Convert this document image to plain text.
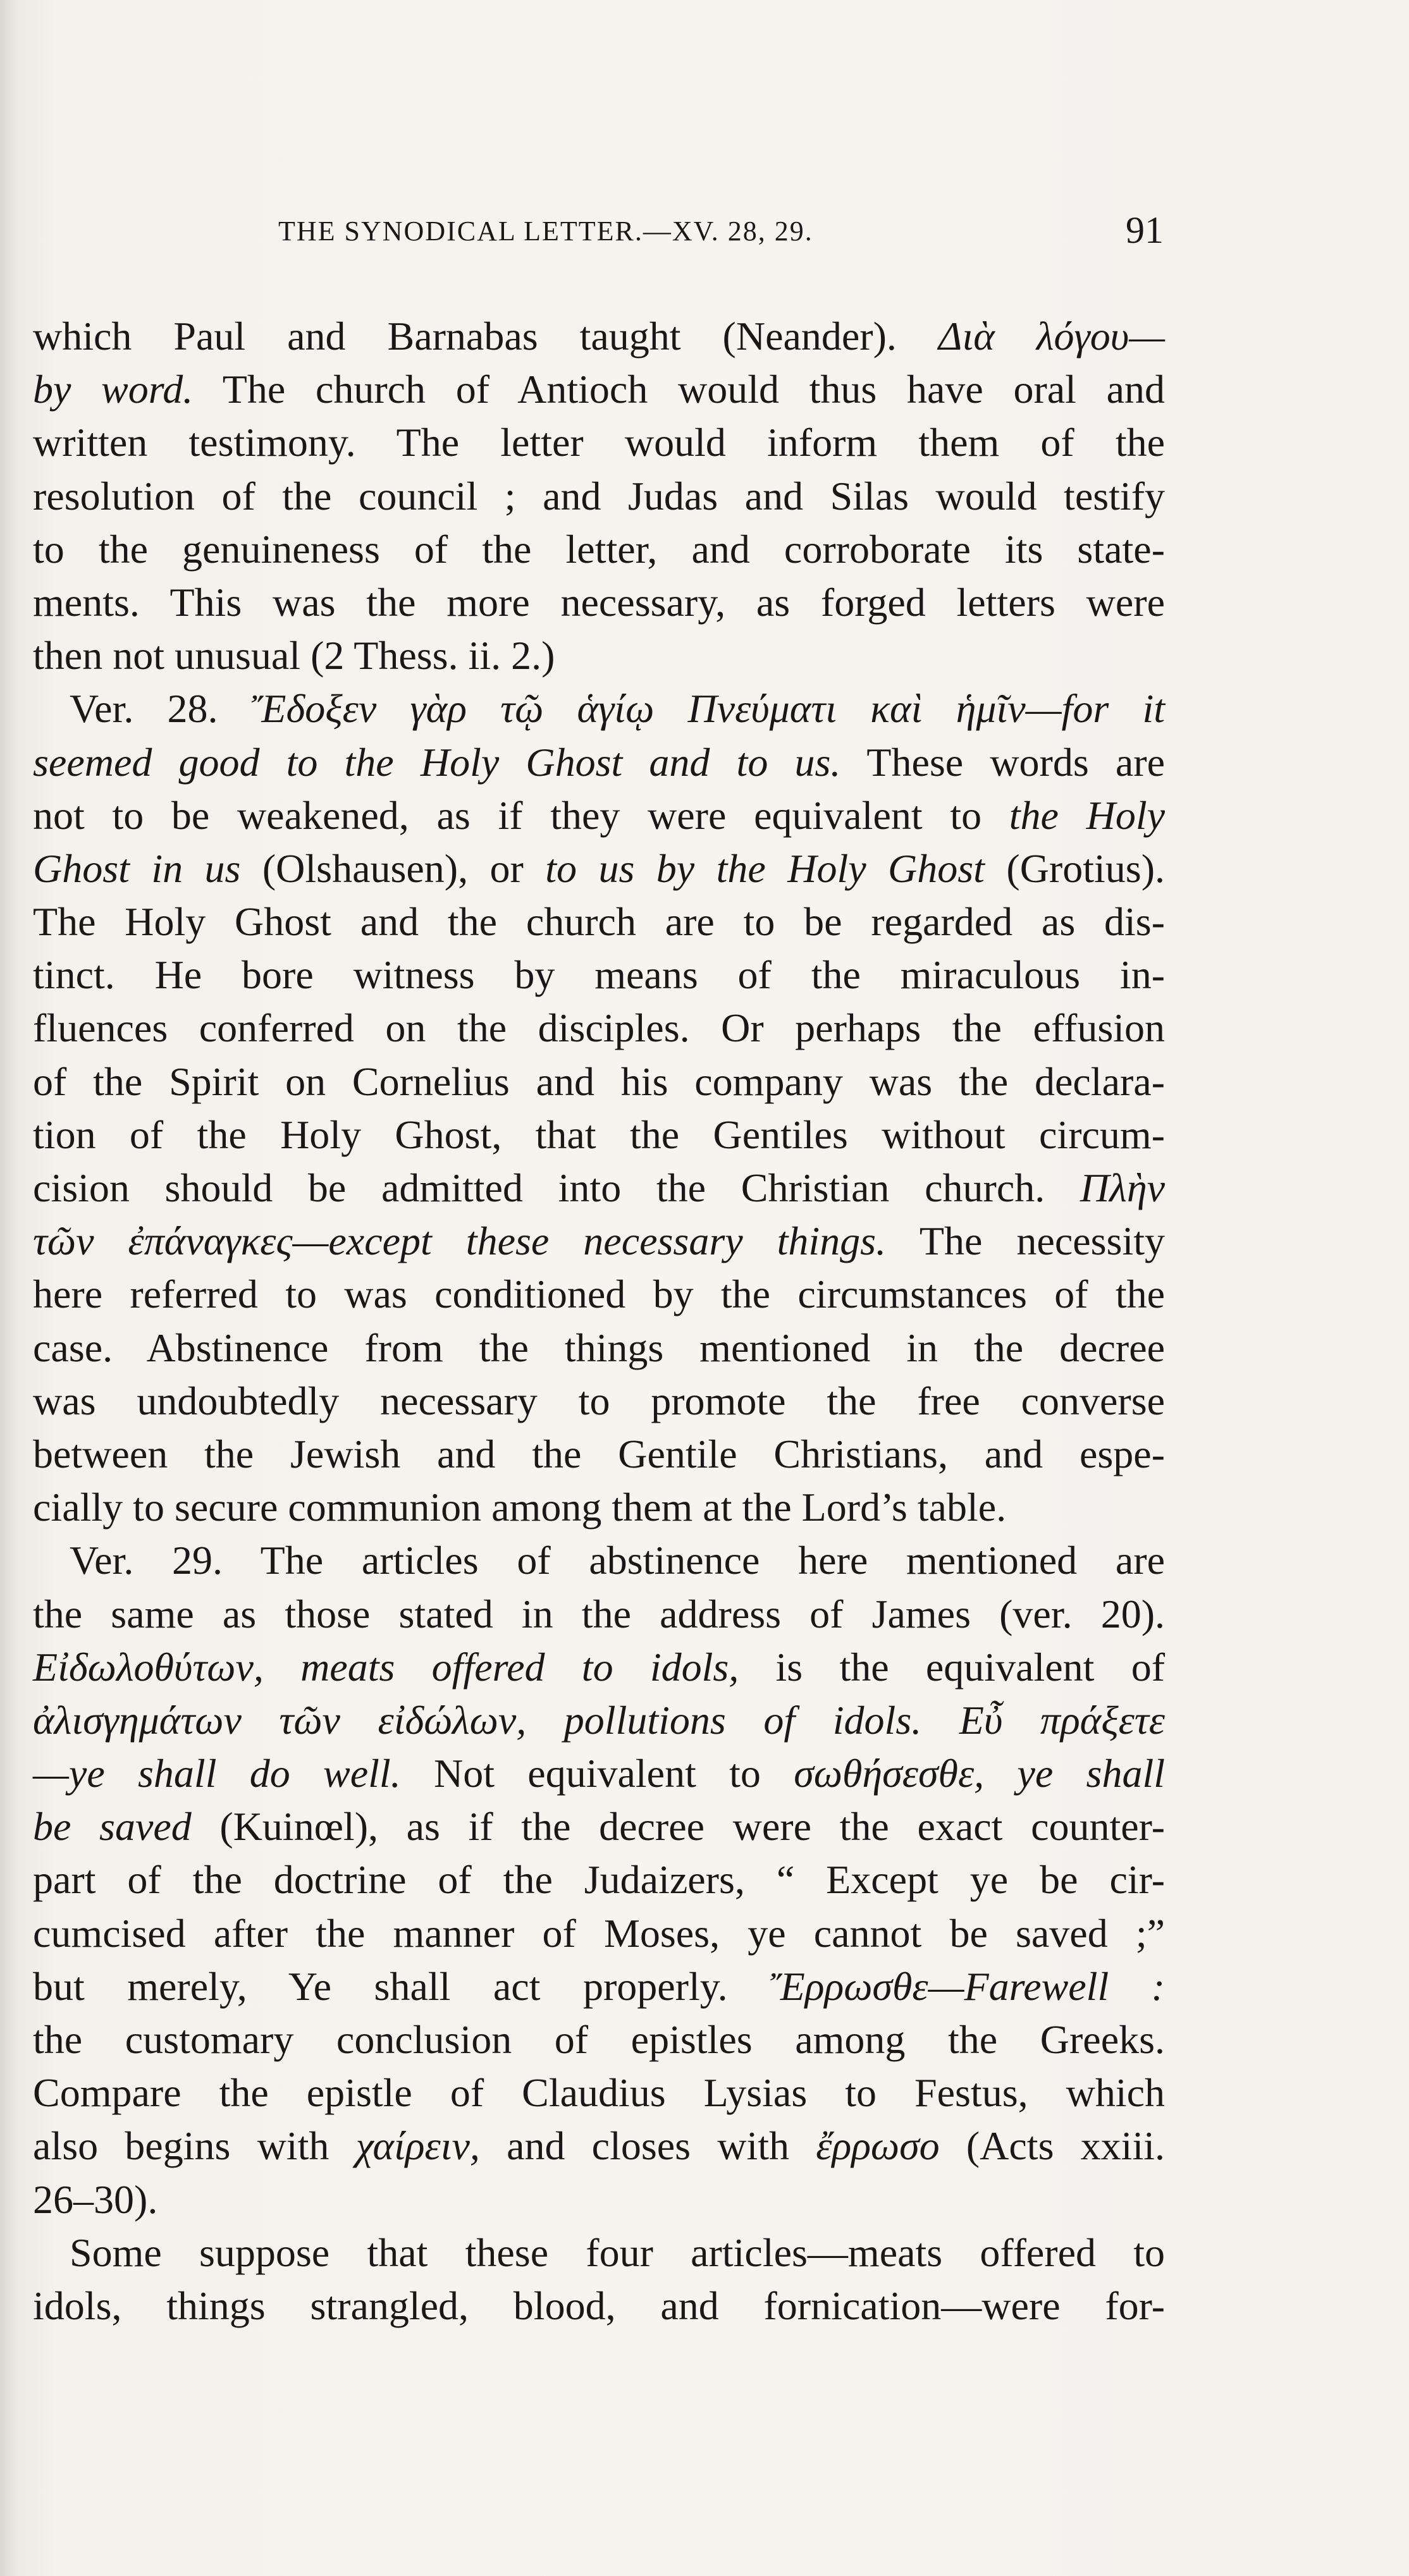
THE SYNODICAL LETTER.—XV. 28, 29.	91
which Paul and Barnabas taught (Neander). Διὰ λόγου—
by word. The church of Antioch would thus have oral and
written testimony. The letter would inform them of the
resolution of the council ; and Judas and Silas would testify
to the genuineness of the letter, and corroborate its state-
ments. This was the more necessary, as forged letters were
then not unusual (2 Thess. ii. 2.)
Ver. 28. Ἔδοξεν γὰρ τῷ ἁγίῳ Πνεύματι καὶ ἡμῖν—for it
seemed good to the Holy Ghost and to us. These words are
not to be weakened, as if they were equivalent to the Holy
Ghost in us (Olshausen), or to us by the Holy Ghost (Grotius).
The Holy Ghost and the church are to be regarded as dis-
tinct. He bore witness by means of the miraculous in-
fluences conferred on the disciples. Or perhaps the effusion
of the Spirit on Cornelius and his company was the declara-
tion of the Holy Ghost, that the Gentiles without circum-
cision should be admitted into the Christian church. Πλὴν
τῶν ἐπάναγκες—except these necessary things. The necessity
here referred to was conditioned by the circumstances of the
case. Abstinence from the things mentioned in the decree
was undoubtedly necessary to promote the free converse
between the Jewish and the Gentile Christians, and espe-
cially to secure communion among them at the Lord’s table.
Ver. 29. The articles of abstinence here mentioned are
the same as those stated in the address of James (ver. 20).
Εἰδωλοθύτων, meats offered to idols, is the equivalent of
ἀλισγημάτων τῶν εἰδώλων, pollutions of idols. Εὖ πράξετε
—ye shall do well. Not equivalent to σωθήσεσθε, ye shall
be saved (Kuinœl), as if the decree were the exact counter-
part of the doctrine of the Judaizers, “ Except ye be cir-
cumcised after the manner of Moses, ye cannot be saved ;”
but merely, Ye shall act properly. Ἔρρωσθε—Farewell :
the customary conclusion of epistles among the Greeks.
Compare the epistle of Claudius Lysias to Festus, which
also begins with χαίρειν, and closes with ἔρρωσο (Acts xxiii.
26–30).
Some suppose that these four articles—meats offered to
idols, things strangled, blood, and fornication—were for-
